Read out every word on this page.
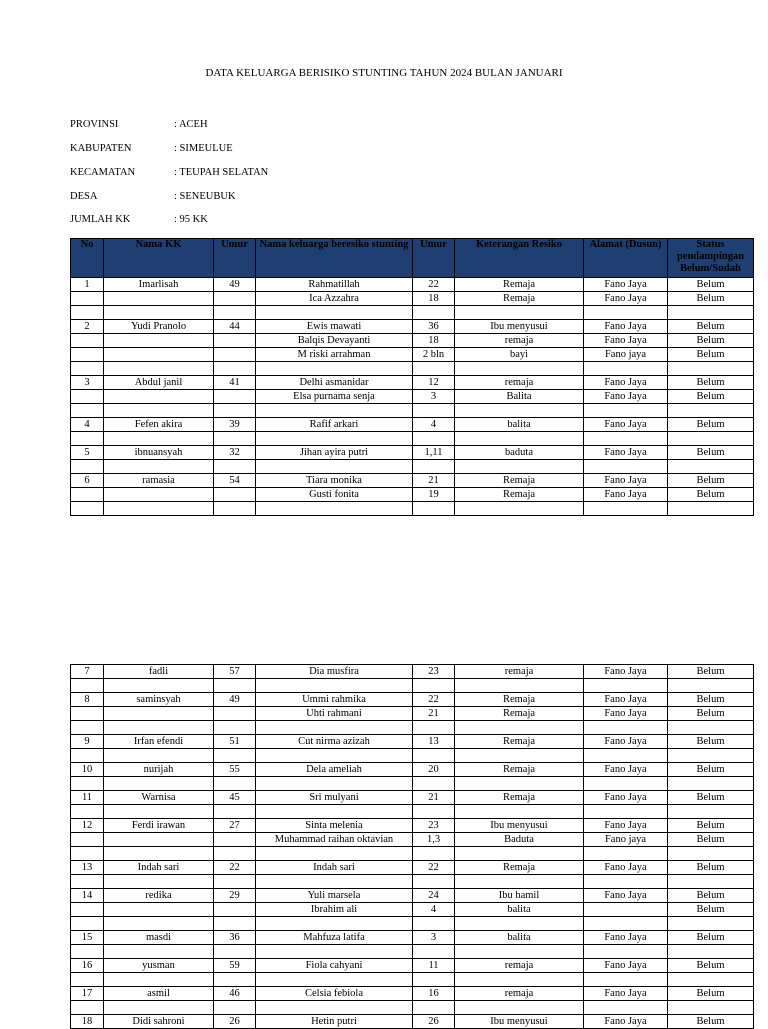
DATA KELUARGA BERISIKO STUNTING TAHUN 2024 BULAN JANUARI
PROVINSI	: ACEH
KABUPATEN	: SIMEULUE
KECAMATAN	: TEUPAH SELATAN
DESA	: SENEUBUK
JUMLAH KK	: 95 KK
No	Nama KK	Umur	Nama keluarga beresiko stunting	Umur	Keterangan Resiko	Alamat (Dusun)	Status pendampingan Belum/Sudah
1	Imarlisah	49	Rahmatillah	22	Remaja	Fano Jaya	Belum
			Ica Azzahra	18	Remaja	Fano Jaya	Belum

2	Yudi Pranolo	44	Ewis mawati	36	Ibu menyusui	Fano Jaya	Belum
			Balqis Devayanti	18	remaja	Fano Jaya	Belum
			M riski arrahman	2 bln	bayi	Fano jaya	Belum

3	Abdul janil	41	Delhi asmanidar	12	remaja	Fano Jaya	Belum
			Elsa purnama senja	3	Balita	Fano Jaya	Belum

4	Fefen akira	39	Rafif arkari	4	balita	Fano Jaya	Belum

5	ibnuansyah	32	Jihan ayira putri	1,11	baduta	Fano Jaya	Belum

6	ramasia	54	Tiara monika	21	Remaja	Fano Jaya	Belum
			Gusti fonita	19	Remaja	Fano Jaya	Belum

7	fadli	57	Dia musfira	23	remaja	Fano Jaya	Belum

8	saminsyah	49	Ummi rahmika	22	Remaja	Fano Jaya	Belum
			Uhti rahmani	21	Remaja	Fano Jaya	Belum

9	Irfan efendi	51	Cut nirma azizah	13	Remaja	Fano Jaya	Belum

10	nurijah	55	Dela ameliah	20	Remaja	Fano Jaya	Belum

11	Warnisa	45	Sri mulyani	21	Remaja	Fano Jaya	Belum

12	Ferdi irawan	27	Sinta melenia	23	Ibu menyusui	Fano Jaya	Belum
			Muhammad raihan oktavian	1,3	Baduta	Fano jaya	Belum

13	Indah sari	22	Indah sari	22	Remaja	Fano Jaya	Belum

14	redika	29	Yuli marsela	24	Ibu hamil	Fano Jaya	Belum
			Ibrahim ali	4	balita		Belum

15	masdi	36	Mahfuza latifa	3	balita	Fano Jaya	Belum

16	yusman	59	Fiola cahyani	11	remaja	Fano Jaya	Belum

17	asmil	46	Celsia febiola	16	remaja	Fano Jaya	Belum

18	Didi sahroni	26	Hetin putri	26	Ibu menyusui	Fano Jaya	Belum
